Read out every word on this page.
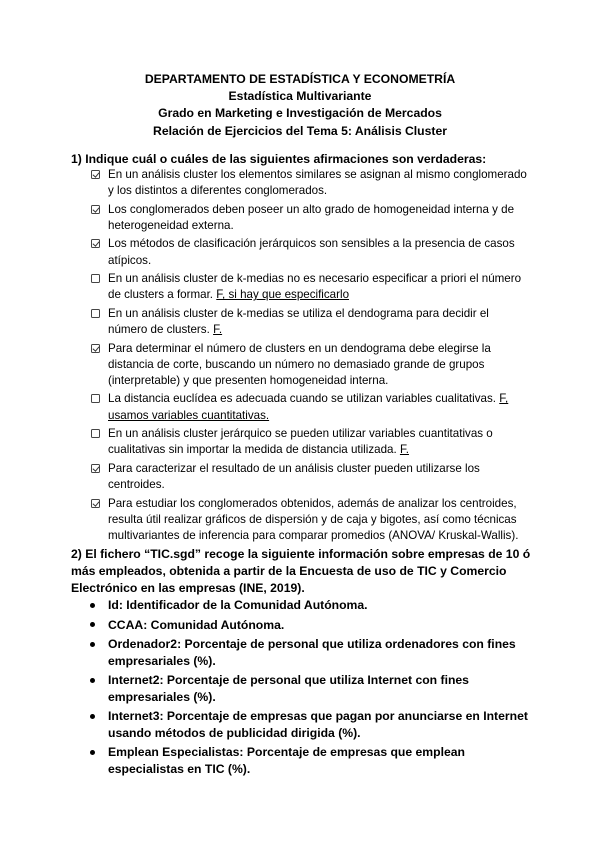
DEPARTAMENTO DE ESTADÍSTICA Y ECONOMETRÍA
Estadística Multivariante
Grado en Marketing e Investigación de Mercados
Relación de Ejercicios del Tema 5: Análisis Cluster
1) Indique cuál o cuáles de las siguientes afirmaciones son verdaderas:
En un análisis cluster los elementos similares se asignan al mismo conglomerado y los distintos a diferentes conglomerados.
Los conglomerados deben poseer un alto grado de homogeneidad interna y de heterogeneidad externa.
Los métodos de clasificación jerárquicos son sensibles a la presencia de casos atípicos.
En un análisis cluster de k-medias no es necesario especificar a priori el número de clusters a formar. F, si hay que especificarlo
En un análisis cluster de k-medias se utiliza el dendograma para decidir el número de clusters. F.
Para determinar el número de clusters en un dendograma debe elegirse la distancia de corte, buscando un número no demasiado grande de grupos (interpretable) y que presenten homogeneidad interna.
La distancia euclídea es adecuada cuando se utilizan variables cualitativas. F, usamos variables cuantitativas.
En un análisis cluster jerárquico se pueden utilizar variables cuantitativas o cualitativas sin importar la medida de distancia utilizada. F.
Para caracterizar el resultado de un análisis cluster pueden utilizarse los centroides.
Para estudiar los conglomerados obtenidos, además de analizar los centroides, resulta útil realizar gráficos de dispersión y de caja y bigotes, así como técnicas multivariantes de inferencia para comparar promedios (ANOVA/ Kruskal-Wallis).
2) El fichero “TIC.sgd” recoge la siguiente información sobre empresas de 10 ó más empleados, obtenida a partir de la Encuesta de uso de TIC y Comercio Electrónico en las empresas (INE, 2019).
Id: Identificador de la Comunidad Autónoma.
CCAA: Comunidad Autónoma.
Ordenador2: Porcentaje de personal que utiliza ordenadores con fines empresariales (%).
Internet2: Porcentaje de personal que utiliza Internet con fines empresariales (%).
Internet3: Porcentaje de empresas que pagan por anunciarse en Internet usando métodos de publicidad dirigida (%).
Emplean Especialistas: Porcentaje de empresas que emplean especialistas en TIC (%).
